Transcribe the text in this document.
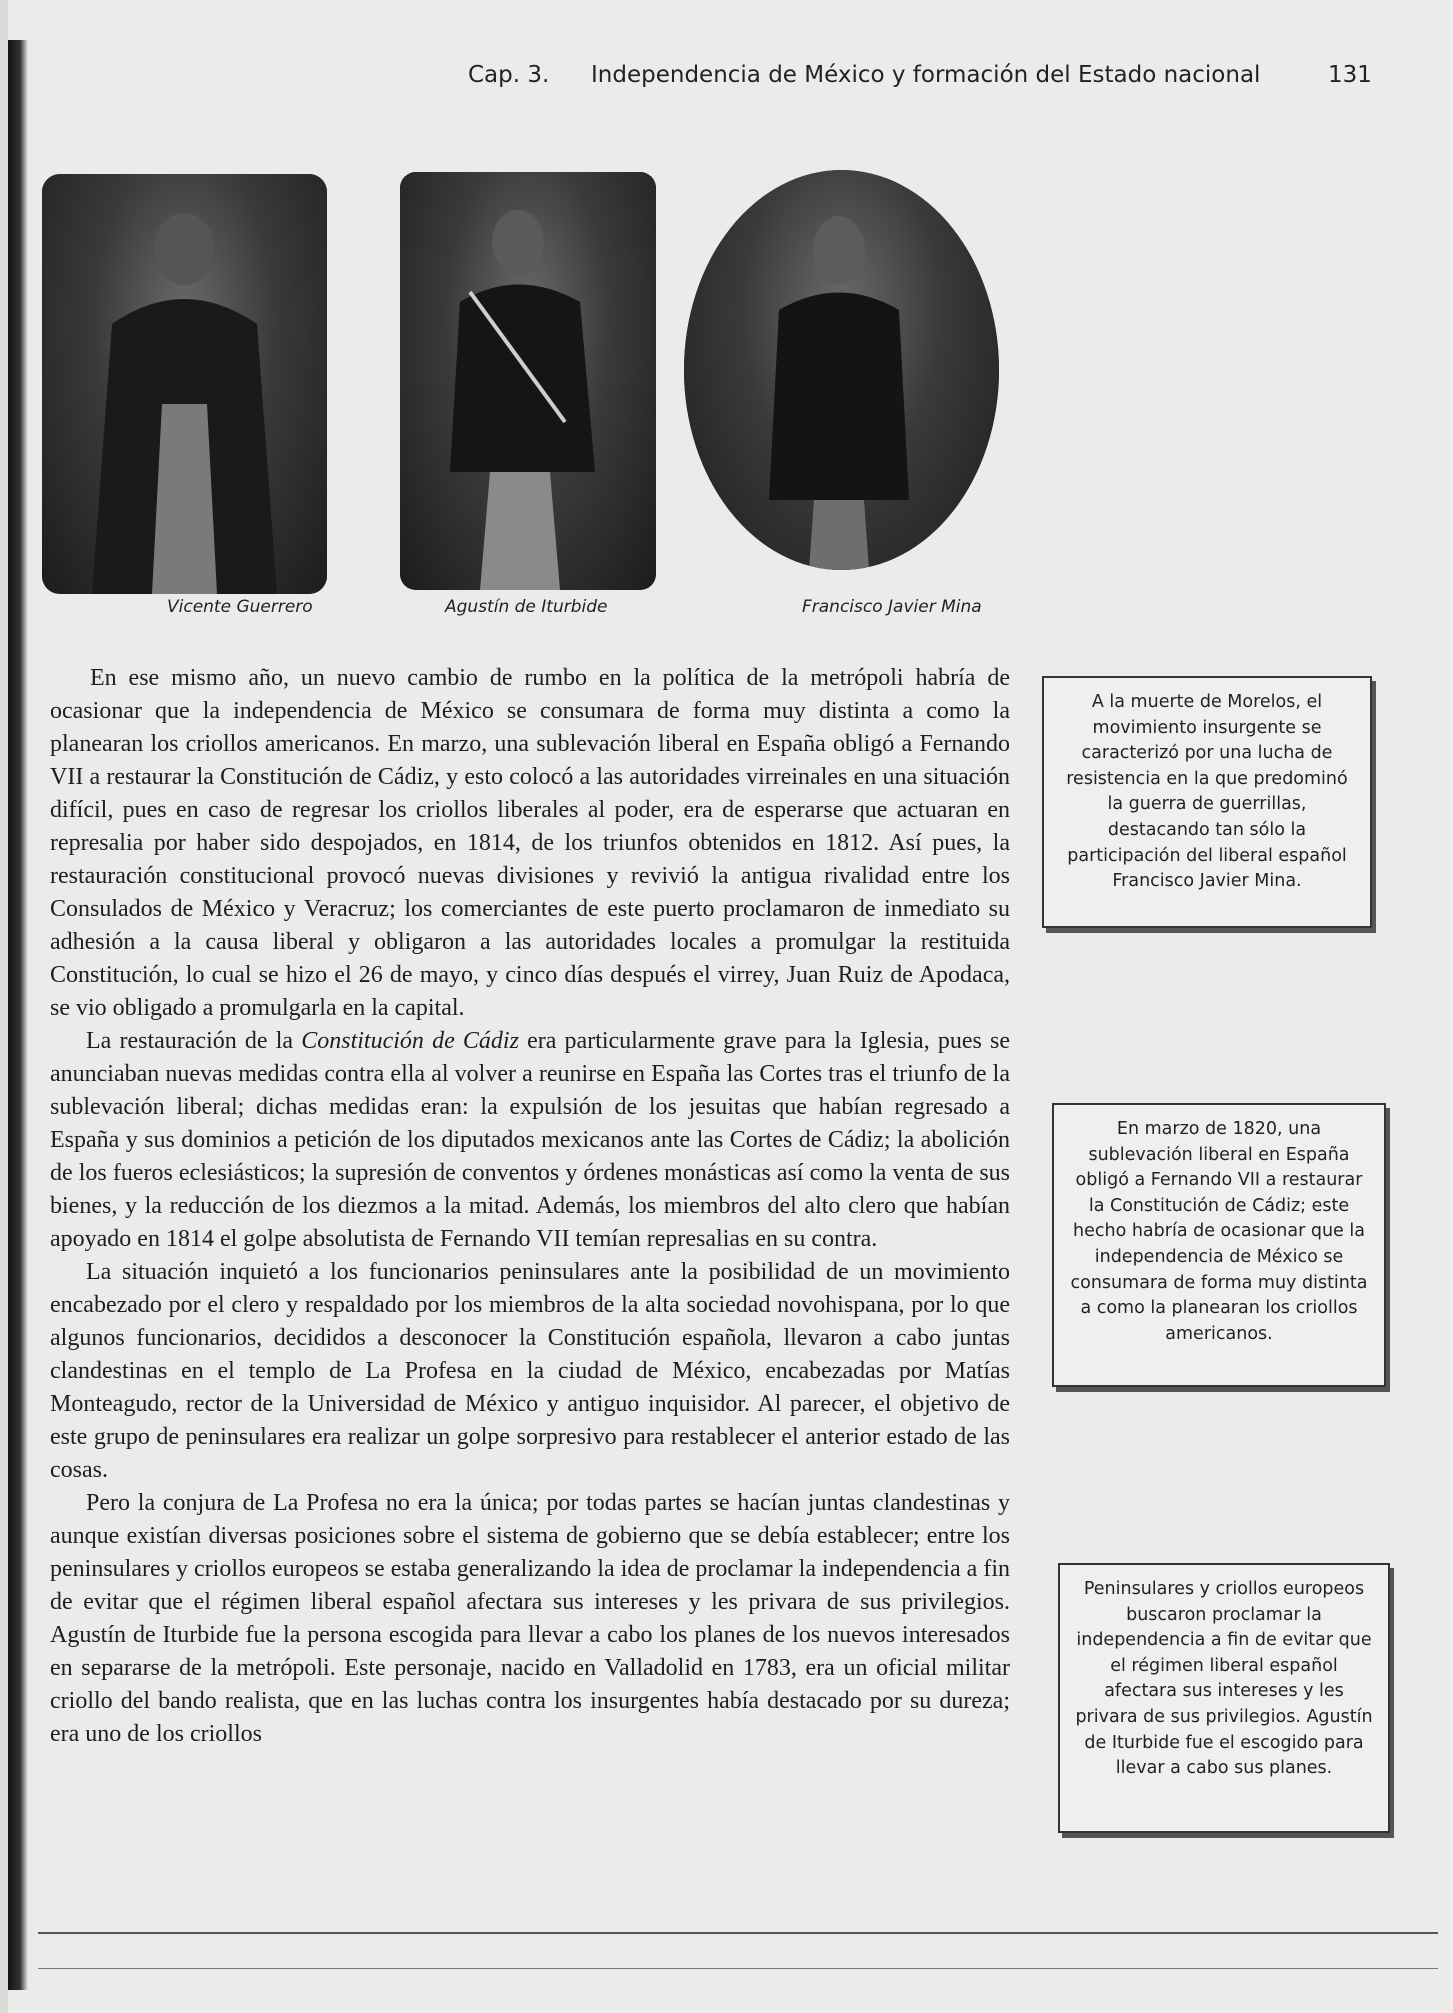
Cap. 3. Independencia de México y formación del Estado nacional	131
Vicente Guerrero	Agustín de Iturbide	Francisco Javier Mina

En ese mismo año, un nuevo cambio de rumbo en la política de la metrópoli habría de ocasionar que la independencia de México se consumara de forma muy distinta a como la planearan los criollos americanos. En marzo, una sublevación liberal en España obligó a Fernando VII a restaurar la Constitución de Cádiz, y esto colocó a las autoridades virreinales en una situación difícil, pues en caso de regresar los criollos liberales al poder, era de esperarse que actuaran en represalia por haber sido despojados, en 1814, de los triunfos obtenidos en 1812. Así pues, la restauración constitucional provocó nuevas divisiones y revivió la antigua rivalidad entre los Consulados de México y Veracruz; los comerciantes de este puerto proclamaron de inmediato su adhesión a la causa liberal y obligaron a las autoridades locales a promulgar la restituida Constitución, lo cual se hizo el 26 de mayo, y cinco días después el virrey, Juan Ruiz de Apodaca, se vio obligado a promulgarla en la capital.

La restauración de la Constitución de Cádiz era particularmente grave para la Iglesia, pues se anunciaban nuevas medidas contra ella al volver a reunirse en España las Cortes tras el triunfo de la sublevación liberal; dichas medidas eran: la expulsión de los jesuitas que habían regresado a España y sus dominios a petición de los diputados mexicanos ante las Cortes de Cádiz; la abolición de los fueros eclesiásticos; la supresión de conventos y órdenes monásticas así como la venta de sus bienes, y la reducción de los diezmos a la mitad. Además, los miembros del alto clero que habían apoyado en 1814 el golpe absolutista de Fernando VII temían represalias en su contra.

La situación inquietó a los funcionarios peninsulares ante la posibilidad de un movimiento encabezado por el clero y respaldado por los miembros de la alta sociedad novohispana, por lo que algunos funcionarios, decididos a desconocer la Constitución española, llevaron a cabo juntas clandestinas en el templo de La Profesa en la ciudad de México, encabezadas por Matías Monteagudo, rector de la Universidad de México y antiguo inquisidor. Al parecer, el objetivo de este grupo de peninsulares era realizar un golpe sorpresivo para restablecer el anterior estado de las cosas.

Pero la conjura de La Profesa no era la única; por todas partes se hacían juntas clandestinas y aunque existían diversas posiciones sobre el sistema de gobierno que se debía establecer; entre los peninsulares y criollos europeos se estaba generalizando la idea de proclamar la independencia a fin de evitar que el régimen liberal español afectara sus intereses y les privara de sus privilegios. Agustín de Iturbide fue la persona escogida para llevar a cabo los planes de los nuevos interesados en separarse de la metrópoli. Este personaje, nacido en Valladolid en 1783, era un oficial militar criollo del bando realista, que en las luchas contra los insurgentes había destacado por su dureza; era uno de los criollos

A la muerte de Morelos, el movimiento insurgente se caracterizó por una lucha de resistencia en la que predominó la guerra de guerrillas, destacando tan sólo la participación del liberal español Francisco Javier Mina.
En marzo de 1820, una sublevación liberal en España obligó a Fernando VII a restaurar la Constitución de Cádiz; este hecho habría de ocasionar que la independencia de México se consumara de forma muy distinta a como la planearan los criollos americanos.
Peninsulares y criollos europeos buscaron proclamar la independencia a fin de evitar que el régimen liberal español afectara sus intereses y les privara de sus privilegios. Agustín de Iturbide fue el escogido para llevar a cabo sus planes.
